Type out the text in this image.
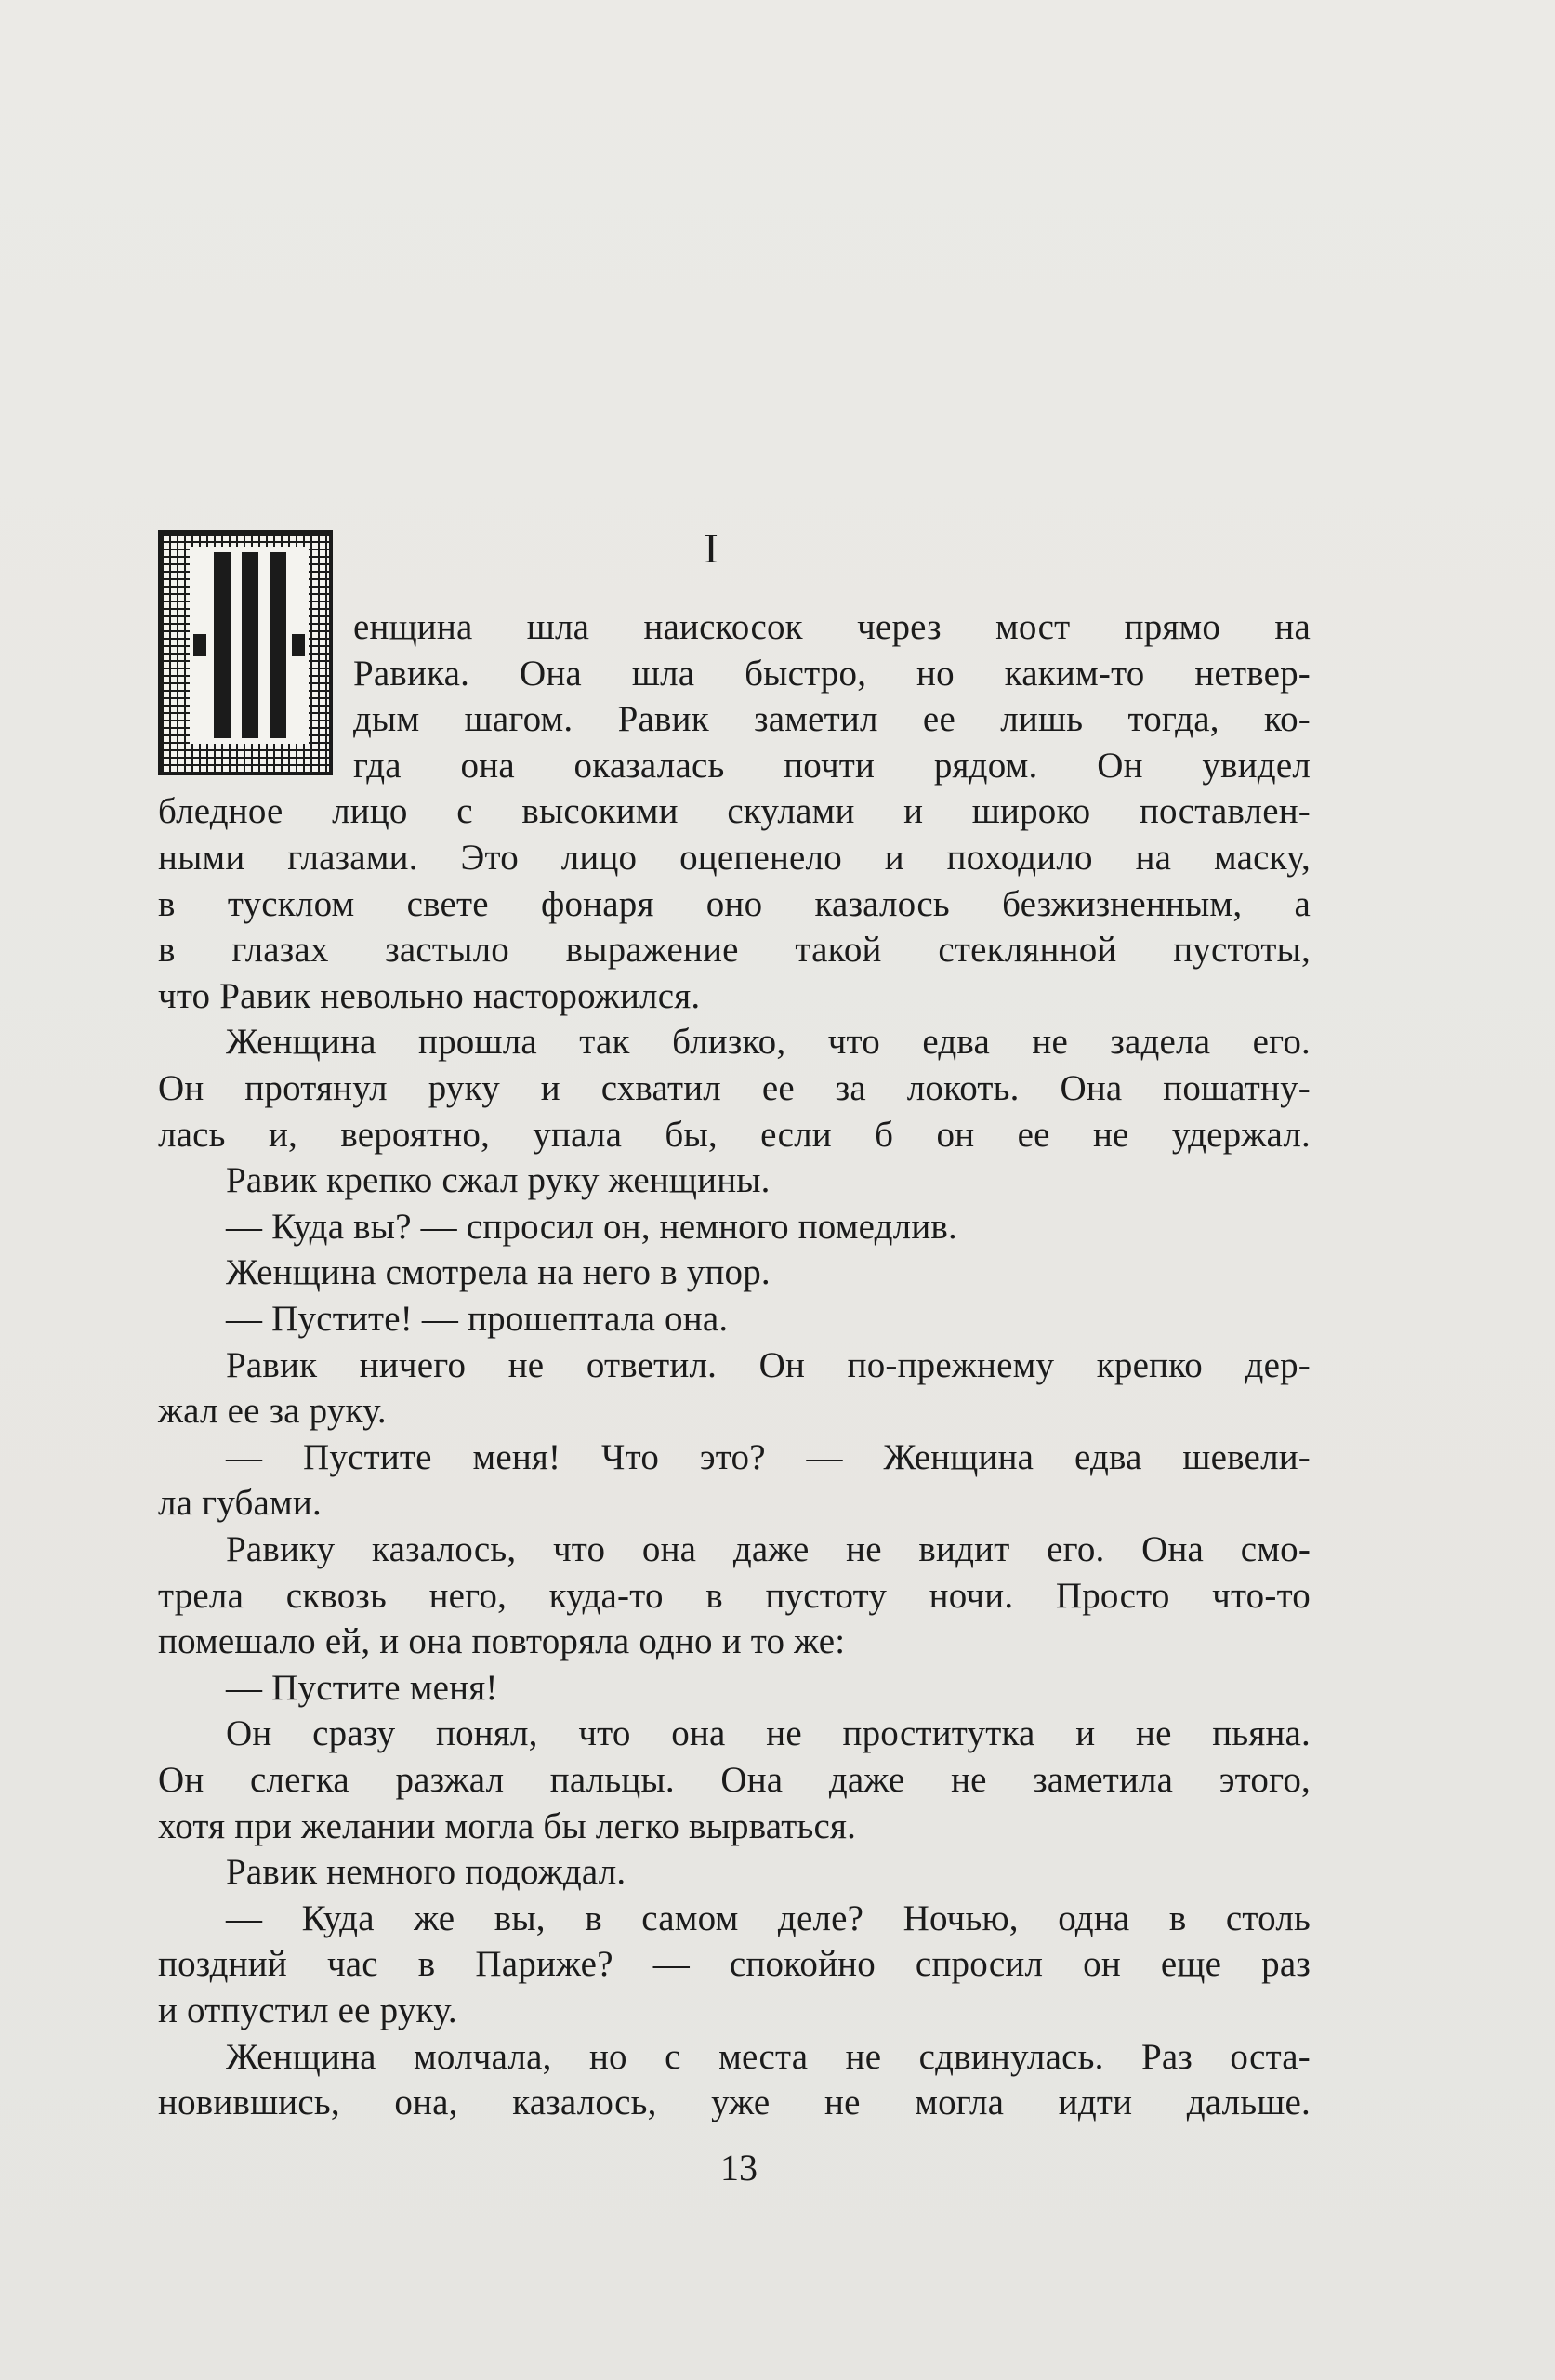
I
енщина шла наискосок через мост прямо на
Равика. Она шла быстро, но каким-то нетвер-
дым шагом. Равик заметил ее лишь тогда, ко-
гда она оказалась почти рядом. Он увидел
бледное лицо с высокими скулами и широко поставлен-
ными глазами. Это лицо оцепенело и походило на маску,
в тусклом свете фонаря оно казалось безжизненным, а
в глазах застыло выражение такой стеклянной пустоты,
что Равик невольно насторожился.
Женщина прошла так близко, что едва не задела его.
Он протянул руку и схватил ее за локоть. Она пошатну-
лась и, вероятно, упала бы, если б он ее не удержал.
Равик крепко сжал руку женщины.
— Куда вы? — спросил он, немного помедлив.
Женщина смотрела на него в упор.
— Пустите! — прошептала она.
Равик ничего не ответил. Он по-прежнему крепко дер-
жал ее за руку.
— Пустите меня! Что это? — Женщина едва шевели-
ла губами.
Равику казалось, что она даже не видит его. Она смо-
трела сквозь него, куда-то в пустоту ночи. Просто что-то
помешало ей, и она повторяла одно и то же:
— Пустите меня!
Он сразу понял, что она не проститутка и не пьяна.
Он слегка разжал пальцы. Она даже не заметила этого,
хотя при желании могла бы легко вырваться.
Равик немного подождал.
— Куда же вы, в самом деле? Ночью, одна в столь
поздний час в Париже? — спокойно спросил он еще раз
и отпустил ее руку.
Женщина молчала, но с места не сдвинулась. Раз оста-
новившись, она, казалось, уже не могла идти дальше.
13
